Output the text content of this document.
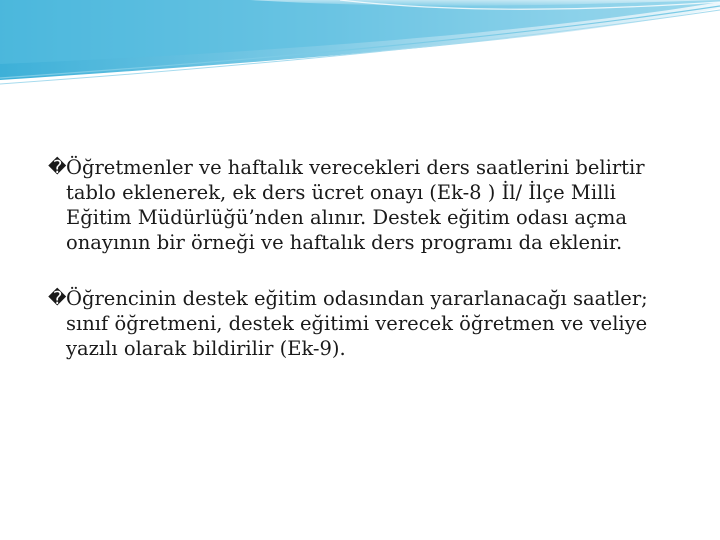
� Öğretmenler ve haftalık verecekleri ders saatlerini belirtir tablo eklenerek, ek ders ücret onayı (Ek-8 ) İl/ İlçe Milli Eğitim Müdürlüğü’nden alınır. Destek eğitim odası açma onayının bir örneği ve haftalık ders programı da eklenir.
� Öğrencinin destek eğitim odasından yararlanacağı saatler; sınıf öğretmeni, destek eğitimi verecek öğretmen ve veliye yazılı olarak bildirilir (Ek-9).
